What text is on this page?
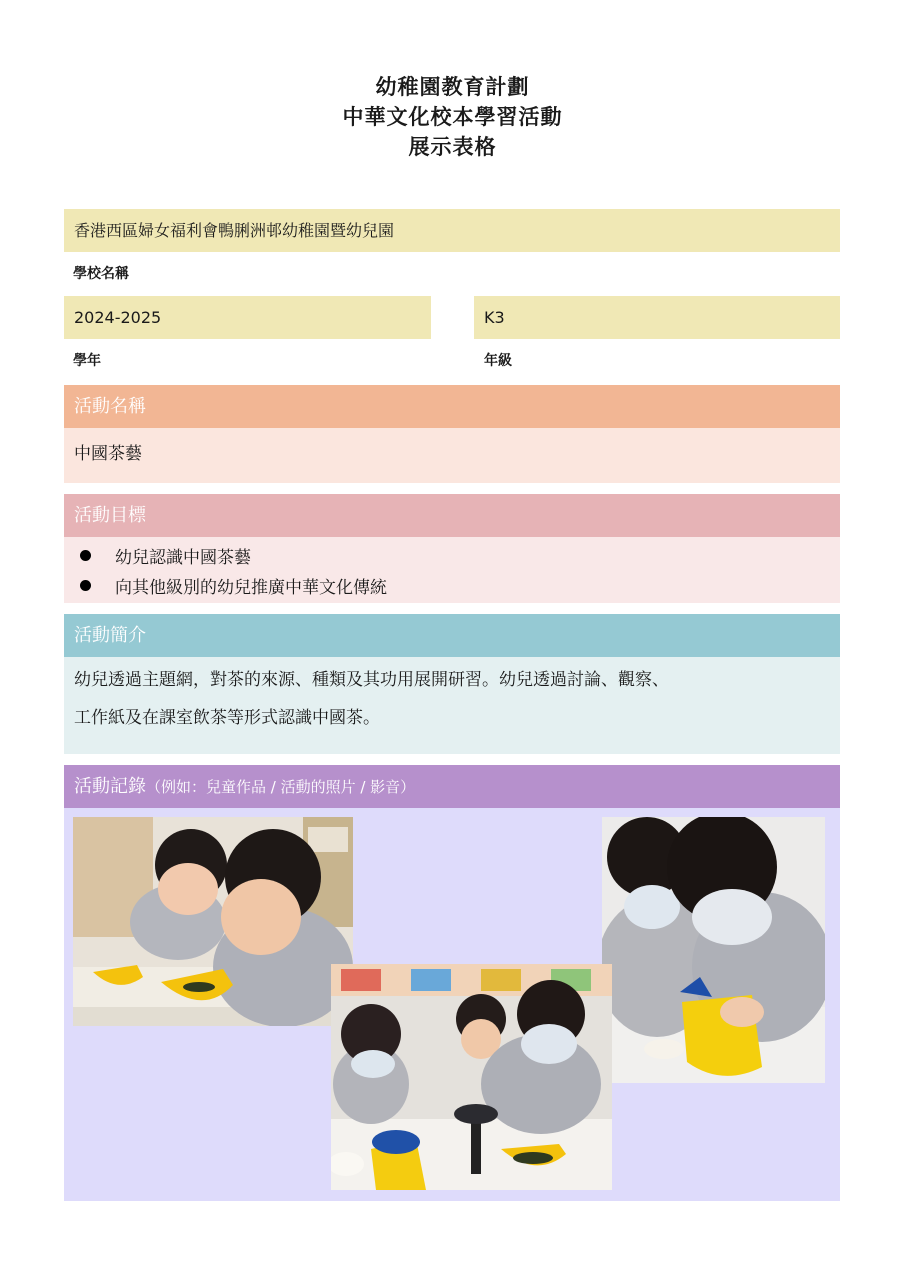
幼稚園教育計劃
中華文化校本學習活動
展示表格
香港西區婦女福利會鴨脷洲邨幼稚園暨幼兒園
學校名稱
2024-2025
學年
K3
年級
活動名稱
中國茶藝
活動目標
幼兒認識中國茶藝
向其他級別的幼兒推廣中華文化傳統
活動簡介
幼兒透過主題網，對茶的來源、種類及其功用展開研習。幼兒透過討論、觀察、
工作紙及在課室飲茶等形式認識中國茶。
活動記錄（例如：兒童作品 / 活動的照片 / 影音）
